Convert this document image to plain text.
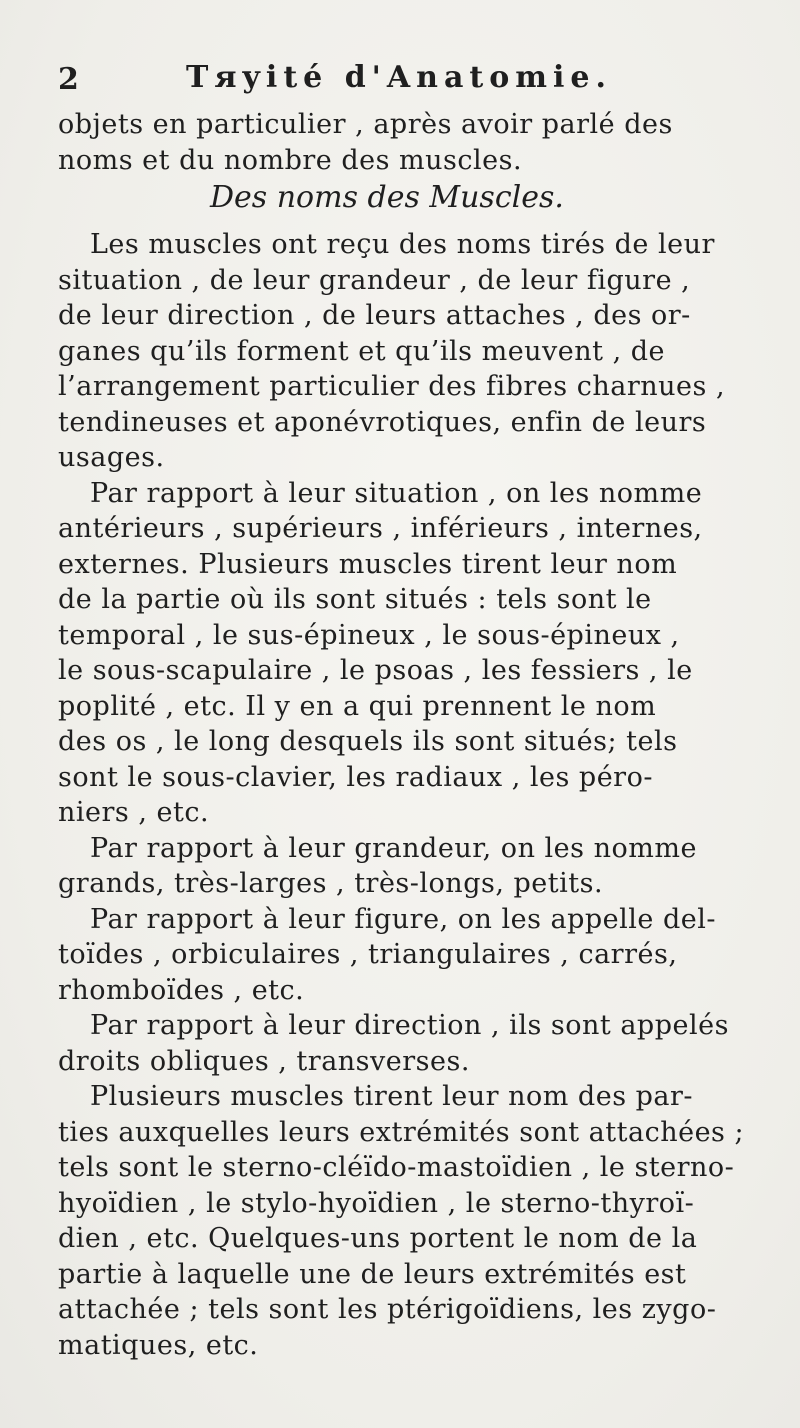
2	Tяyité d'Anatomie.
objets en particulier , après avoir parlé des
noms et du nombre des muscles.
Des noms des Muscles.
Les muscles ont reçu des noms tirés de leur
situation , de leur grandeur , de leur figure ,
de leur direction , de leurs attaches , des or-
ganes qu’ils forment et qu’ils meuvent , de
l’arrangement particulier des fibres charnues ,
tendineuses et aponévrotiques, enfin de leurs
usages.
Par rapport à leur situation , on les nomme
antérieurs , supérieurs , inférieurs , internes,
externes. Plusieurs muscles tirent leur nom
de la partie où ils sont situés : tels sont le
temporal , le sus-épineux , le sous-épineux ,
le sous-scapulaire , le psoas , les fessiers , le
poplité , etc. Il y en a qui prennent le nom
des os , le long desquels ils sont situés; tels
sont le sous-clavier, les radiaux , les péro-
niers , etc.
Par rapport à leur grandeur, on les nomme
grands, très-larges , très-longs, petits.
Par rapport à leur figure, on les appelle del-
toïdes , orbiculaires , triangulaires , carrés,
rhomboïdes , etc.
Par rapport à leur direction , ils sont appelés
droits obliques , transverses.
Plusieurs muscles tirent leur nom des par-
ties auxquelles leurs extrémités sont attachées ;
tels sont le sterno-cléïdo-mastoïdien , le sterno-
hyoïdien , le stylo-hyoïdien , le sterno-thyroï-
dien , etc. Quelques-uns portent le nom de la
partie à laquelle une de leurs extrémités est
attachée ; tels sont les ptérigoïdiens, les zygo-
matiques, etc.
